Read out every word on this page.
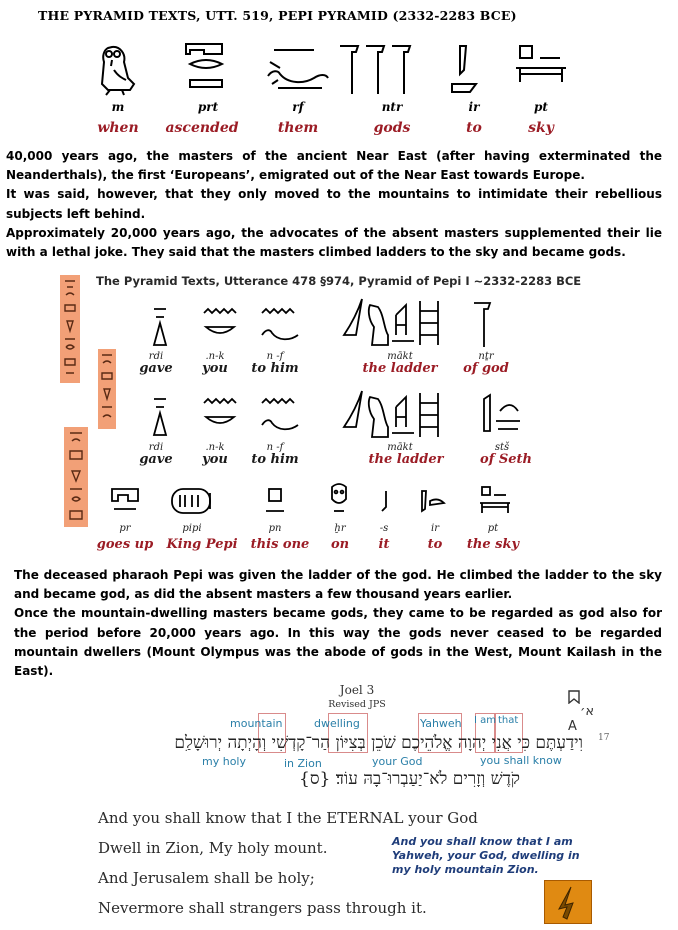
THE PYRAMID TEXTS, UTT. 519, PEPI PYRAMID (2332-2283 BCE)
m	prt	rf	ntr	ir	pt
when	ascended	them	gods	to	sky

40,000 years ago, the masters of the ancient Near East (after having exterminated the Neanderthals), the first ‘Europeans’, emigrated out of the Near East towards Europe.

It was said, however, that they only moved to the mountains to intimidate their rebellious subjects left behind.

Approximately 20,000 years ago, the advocates of the absent masters supplemented their lie with a lethal joke. They said that the masters climbed ladders to the sky and became gods.

The Pyramid Texts, Utterance 478 §974, Pyramid of Pepi I ~2332-2283 BCE
rdi	.n-k	n -f	mākt	nṯr
gave	you	to him	the ladder	of god
rdi	.n-k	n -f	mākt	stš
gave	you	to him	the ladder	of Seth
pr	pipi	pn	ḫr	-s	ir	pt
goes up	King Pepi	this one	on	it	to	the sky

The deceased pharaoh Pepi was given the ladder of the god. He climbed the ladder to the sky and became god, as did the absent masters a few thousand years earlier.

Once the mountain-dwelling masters became gods, they came to be regarded as god also for the period before 20,000 years ago. In this way the gods never ceased to be regarded mountain dwellers (Mount Olympus was the abode of gods in the West, Mount Kailash in the East).

Joel 3
Revised JPS	א׳ A
mountain	dwelling	Yahweh I am that
וִידַעְתֶּם כִּי אֲנִי יְהוָה אֱלֹהֵיכֶם שֹׁכֵן בְּצִיּוֹן הַר־קָדְשִׁי וְהָיְתָה יְרוּשָׁלִַם 17
my holy	in Zion	your God	you shall know
קֹדֶשׁ וְזָרִים לֹא־יַעַבְרוּ־בָהּ עוֹד׃ {ס}
And you shall know that I the ETERNAL your God
Dwell in Zion, My holy mount.
And Jerusalem shall be holy;
Nevermore shall strangers pass through it.
And you shall know that I am Yahweh, your God, dwelling in my holy mountain Zion.
